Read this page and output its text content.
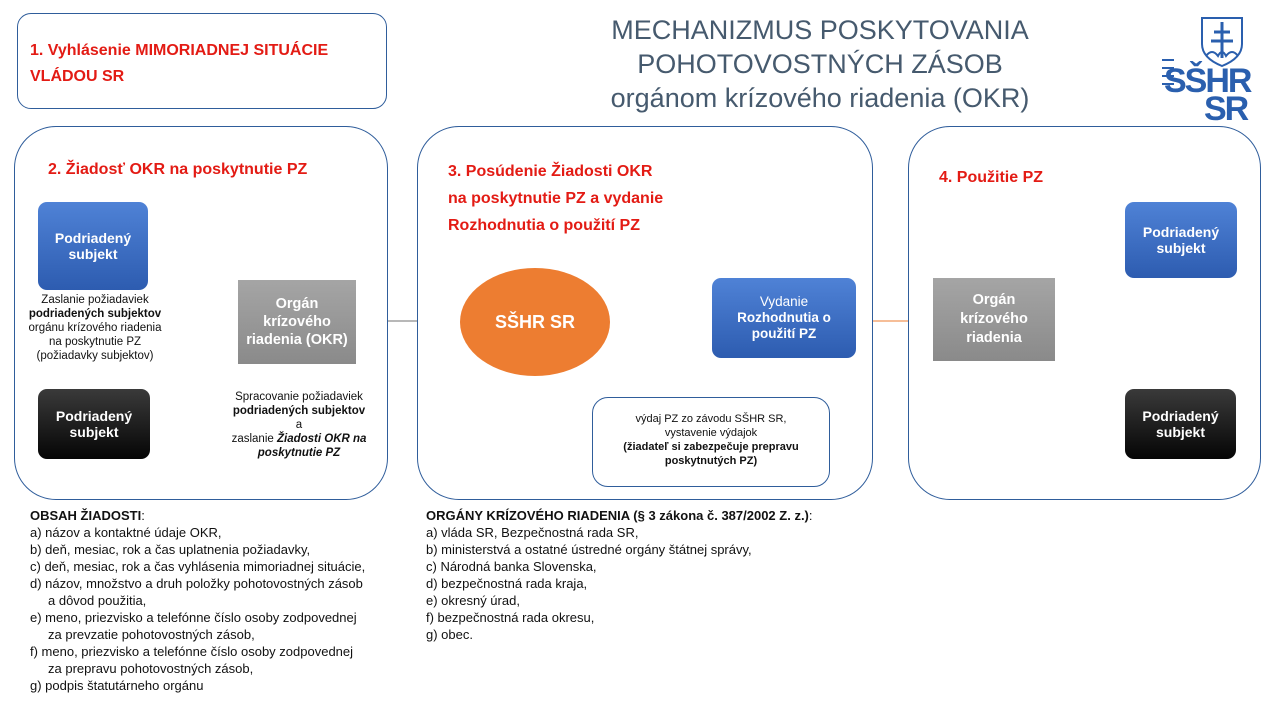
MECHANIZMUS POSKYTOVANIA
POHOTOVOSTNÝCH ZÁSOB
orgánom krízového riadenia (OKR)	SŠHR
SR
1. Vyhlásenie MIMORIADNEJ SITUÁCIE
VLÁDOU SR
2. Žiadosť OKR na poskytnutie PZ
Podriadený subjekt
Podriadený subjekt
Orgán krízového riadenia (OKR)
Zaslanie požiadaviek
podriadených subjektov
orgánu krízového riadenia
na poskytnutie PZ
(požiadavky subjektov)
Spracovanie požiadaviek
podriadených subjektov
a
zaslanie Žiadosti OKR na
poskytnutie PZ
3. Posúdenie Žiadosti OKR
na poskytnutie PZ a vydanie
Rozhodnutia o použití PZ
SŠHR SR
Vydanie
Rozhodnutia o
použití PZ
výdaj PZ zo závodu SŠHR SR,
vystavenie výdajok
(žiadateľ si zabezpečuje prepravu
poskytnutých PZ)
4. Použitie PZ
Orgán krízového riadenia
Podriadený subjekt
Podriadený subjekt
OBSAH ŽIADOSTI:
a) názov a kontaktné údaje OKR,
b) deň, mesiac, rok a čas uplatnenia požiadavky,
c) deň, mesiac, rok a čas vyhlásenia mimoriadnej situácie,
d) názov, množstvo a druh položky pohotovostných zásob
a dôvod použitia,
e) meno, priezvisko a telefónne číslo osoby zodpovednej
za prevzatie pohotovostných zásob,
f) meno, priezvisko a telefónne číslo osoby zodpovednej
za prepravu pohotovostných zásob,
g) podpis štatutárneho orgánu
ORGÁNY KRÍZOVÉHO RIADENIA (§ 3 zákona č. 387/2002 Z. z.):
a) vláda SR, Bezpečnostná rada SR,
b) ministerstvá a ostatné ústredné orgány štátnej správy,
c) Národná banka Slovenska,
d) bezpečnostná rada kraja,
e) okresný úrad,
f) bezpečnostná rada okresu,
g) obec.
